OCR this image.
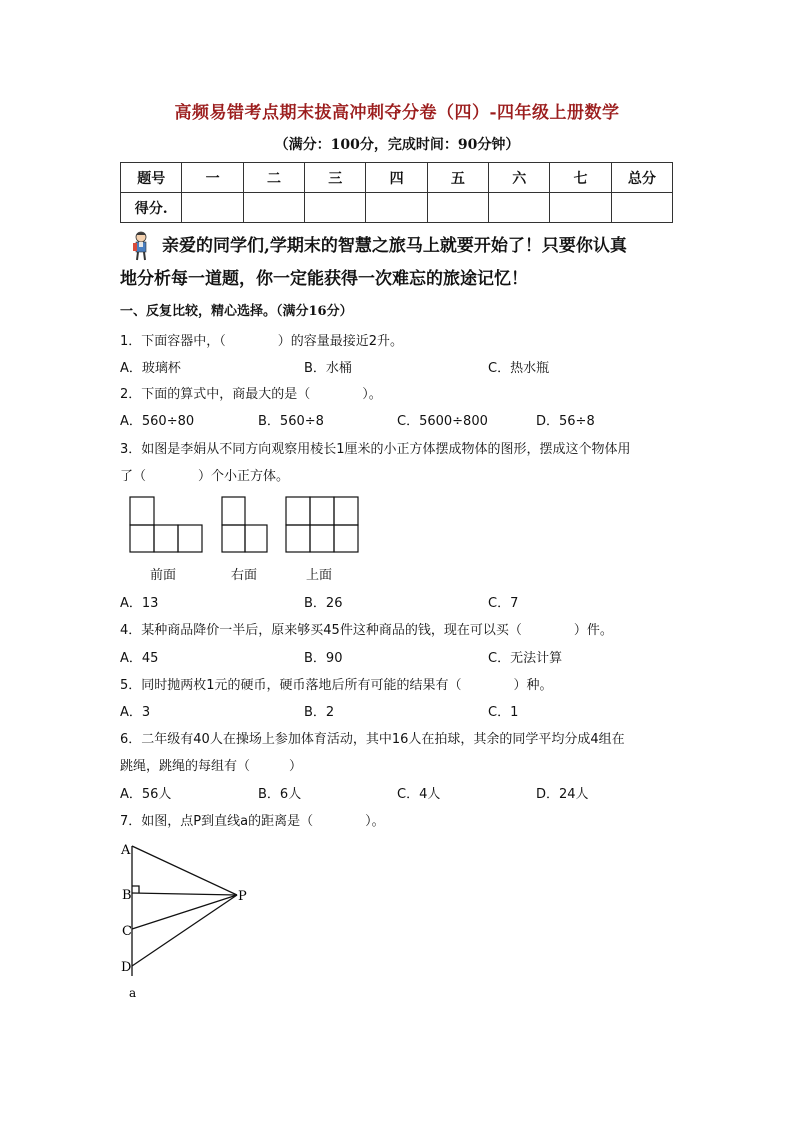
高频易错考点期末拔高冲刺夺分卷（四）-四年级上册数学
（满分：100分，完成时间：90分钟）
题号	一	二	三	四	五	六	七	总分
得分.								
亲爱的同学们,学期末的智慧之旅马上就要开始了！只要你认真
地分析每一道题，你一定能获得一次难忘的旅途记忆！
一、反复比较，精心选择。（满分16分）
1．下面容器中，（　　　　）的容量最接近2升。
A．玻璃杯	B．水桶	C．热水瓶
2．下面的算式中，商最大的是（　　　　）。
A．560÷80	B．560÷8	C．5600÷800	D．56÷8
3．如图是李娟从不同方向观察用棱长1厘米的小正方体摆成物体的图形，摆成这个物体用
了（　　　　）个小正方体。
前面	右面	上面
A．13	B．26	C．7
4．某种商品降价一半后，原来够买45件这种商品的钱，现在可以买（　　　　）件。
A．45	B．90	C．无法计算
5．同时抛两枚1元的硬币，硬币落地后所有可能的结果有（　　　　）种。
A．3	B．2	C．1
6．二年级有40人在操场上参加体育活动，其中16人在拍球，其余的同学平均分成4组在
跳绳，跳绳的每组有（　　　）
A．56人	B．6人	C．4人	D．24人
7．如图，点P到直线a的距离是（　　　　）。
A
B
C
D
P
a
